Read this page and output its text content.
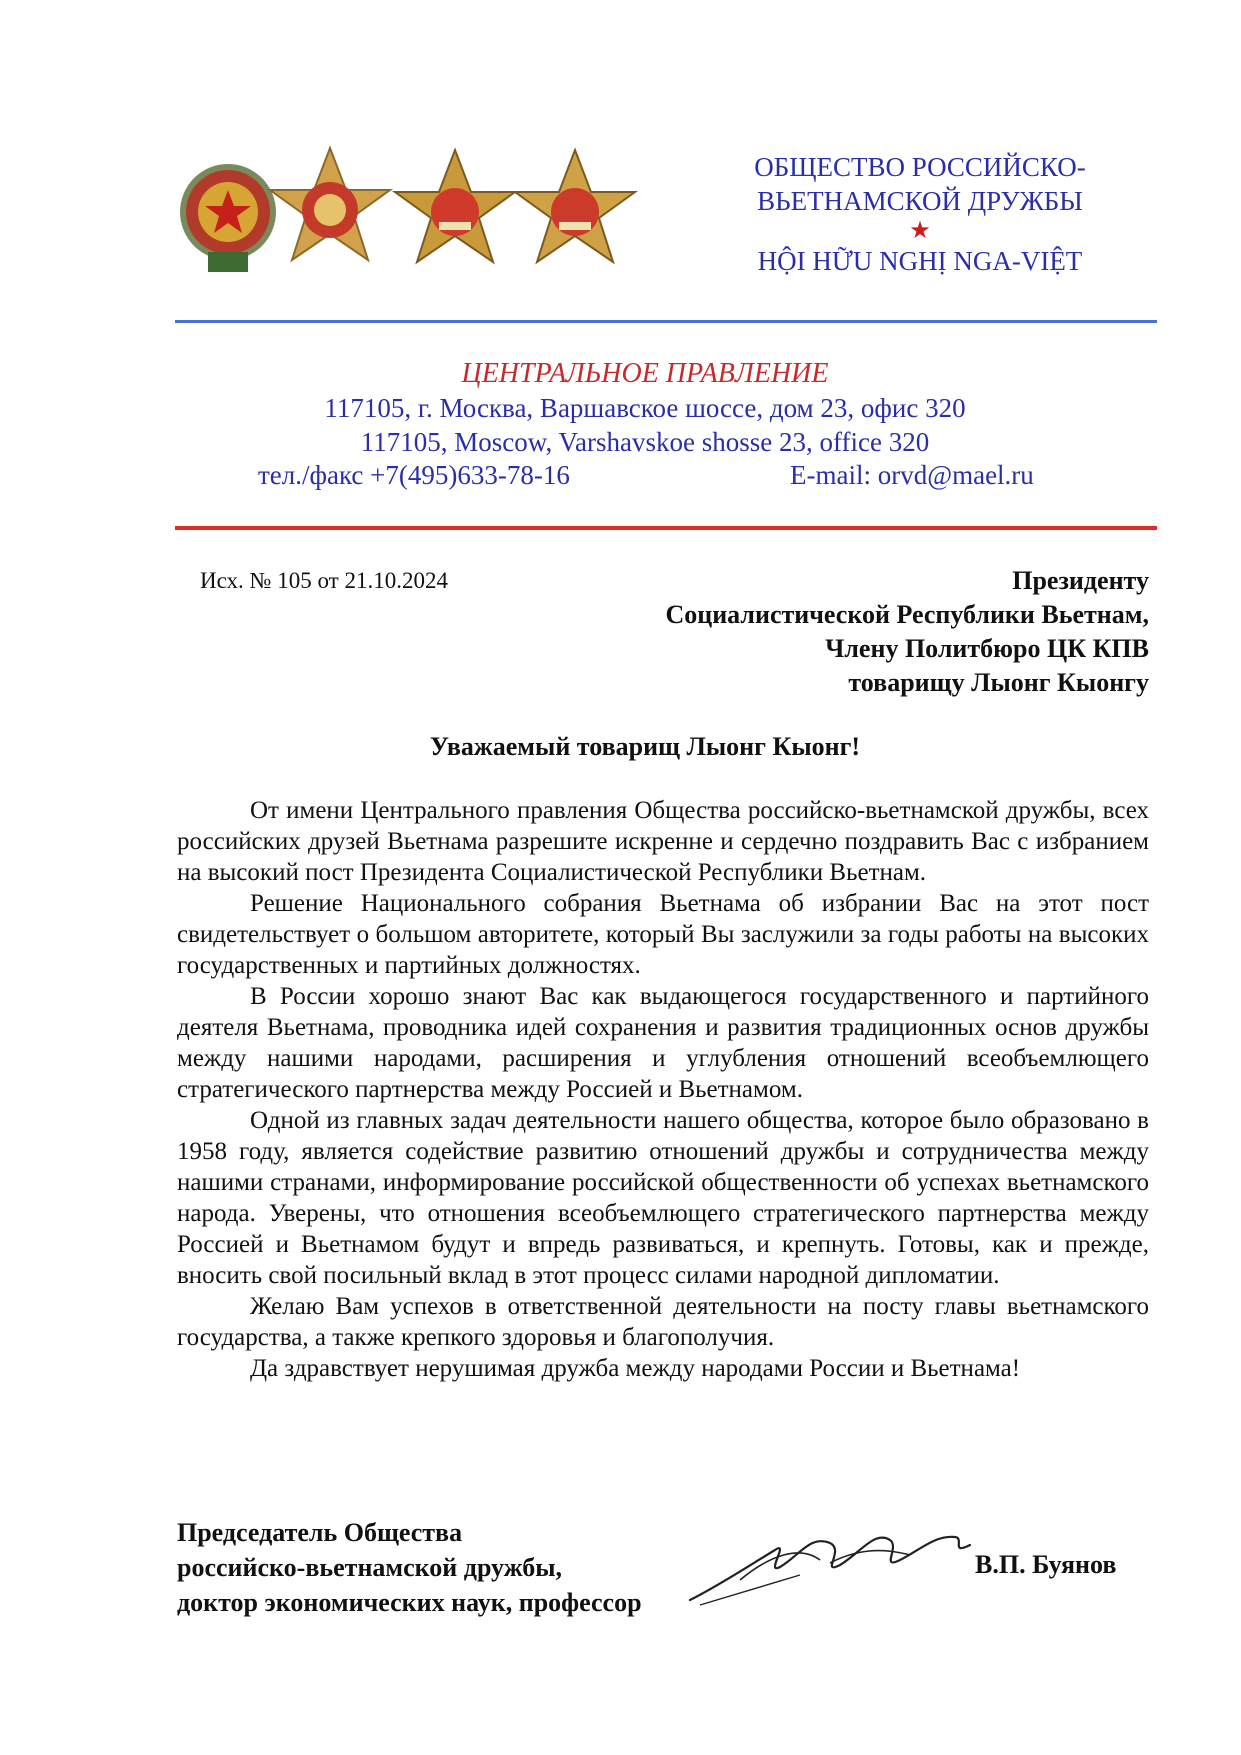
ОБЩЕСТВО РОССИЙСКО-
ВЬЕТНАМСКОЙ ДРУЖБЫ
★
HỘI HỮU NGHỊ NGA-VIỆT
ЦЕНТРАЛЬНОЕ ПРАВЛЕНИЕ
117105, г. Москва, Варшавское шоссе, дом 23, офис 320
117105, Moscow, Varshavskoe shosse 23, office 320
тел./факс +7(495)633-78-16	E-mail: orvd@mael.ru
Исх. № 105 от 21.10.2024	Президенту
Социалистической Республики Вьетнам,
Члену Политбюро ЦК КПВ
товарищу Лыонг Кыонгу
Уважаемый товарищ Лыонг Кыонг!

От имени Центрального правления Общества российско-вьетнамской дружбы, всех российских друзей Вьетнама разрешите искренне и сердечно поздравить Вас с избранием на высокий пост Президента Социалистической Республики Вьетнам.

Решение Национального собрания Вьетнама об избрании Вас на этот пост свидетельствует о большом авторитете, который Вы заслужили за годы работы на высоких государственных и партийных должностях.

В России хорошо знают Вас как выдающегося государственного и партийного деятеля Вьетнама, проводника идей сохранения и развития традиционных основ дружбы между нашими народами, расширения и углубления отношений всеобъемлющего стратегического партнерства между Россией и Вьетнамом.

Одной из главных задач деятельности нашего общества, которое было образовано в 1958 году, является содействие развитию отношений дружбы и сотрудничества между нашими странами, информирование российской общественности об успехах вьетнамского народа. Уверены, что отношения всеобъемлющего стратегического партнерства между Россией и Вьетнамом будут и впредь развиваться, и крепнуть. Готовы, как и прежде, вносить свой посильный вклад в этот процесс силами народной дипломатии.

Желаю Вам успехов в ответственной деятельности на посту главы вьетнамского государства, а также крепкого здоровья и благополучия.

Да здравствует нерушимая дружба между народами России и Вьетнама!

Председатель Общества
российско-вьетнамской дружбы,
доктор экономических наук, профессор
В.П. Буянов
